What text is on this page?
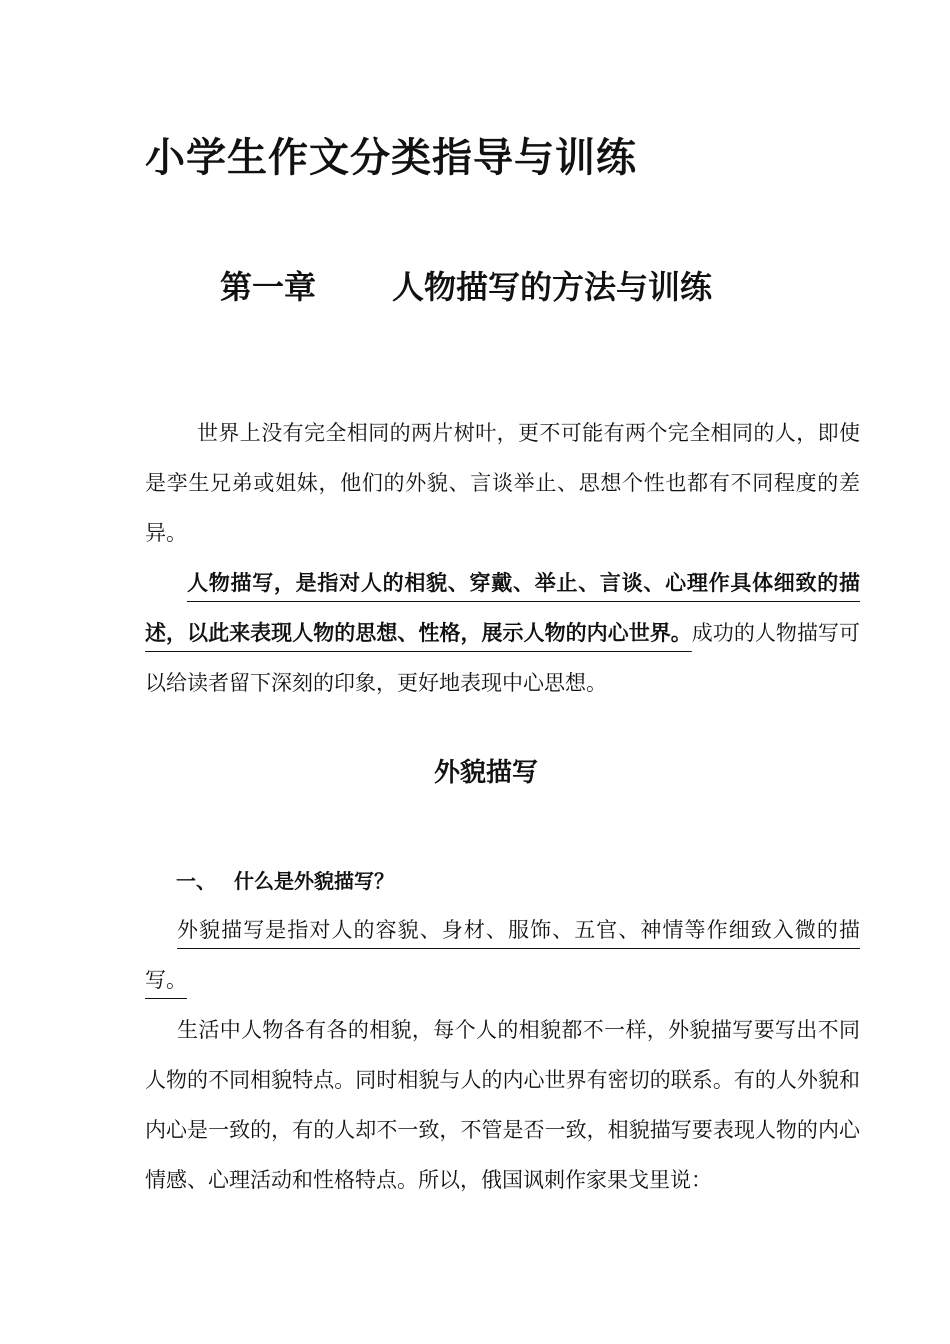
小学生作文分类指导与训练
第一章 人物描写的方法与训练
世界上没有完全相同的两片树叶，更不可能有两个完全相同的人，即使是孪生兄弟或姐妹，他们的外貌、言谈举止、思想个性也都有不同程度的差异。
人物描写，是指对人的相貌、穿戴、举止、言谈、心理作具体细致的描述，以此来表现人物的思想、性格，展示人物的内心世界。成功的人物描写可以给读者留下深刻的印象，更好地表现中心思想。
外貌描写
一、 什么是外貌描写？
外貌描写是指对人的容貌、身材、服饰、五官、神情等作细致入微的描写。
生活中人物各有各的相貌，每个人的相貌都不一样，外貌描写要写出不同人物的不同相貌特点。同时相貌与人的内心世界有密切的联系。有的人外貌和内心是一致的，有的人却不一致，不管是否一致，相貌描写要表现人物的内心情感、心理活动和性格特点。所以，俄国讽刺作家果戈里说：
